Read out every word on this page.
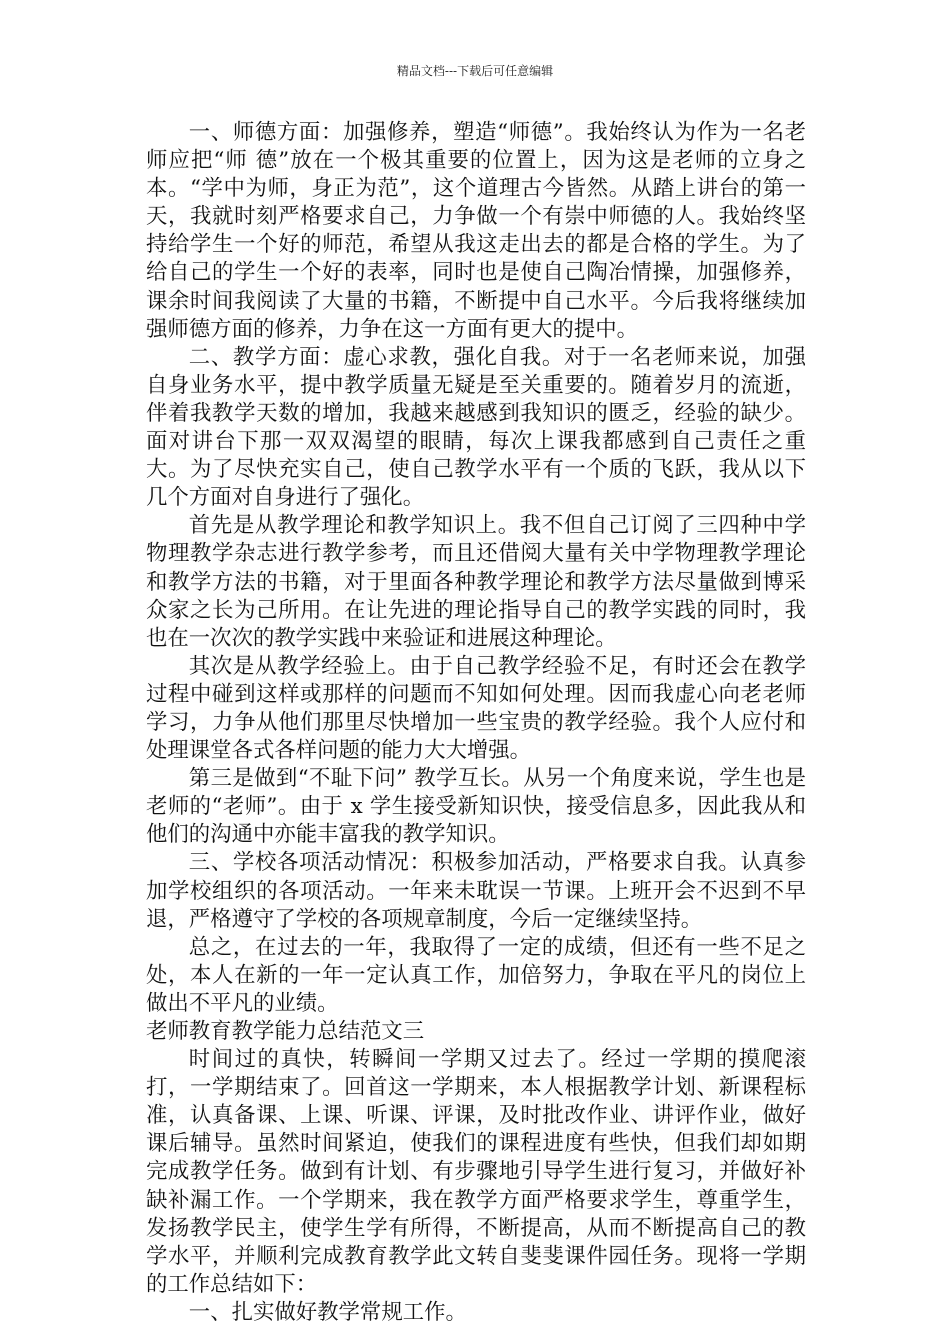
精品文档---下载后可任意编辑

一、师德方面：加强修养，塑造“师德”。我始终认为作为一名老师应把“师 德”放在一个极其重要的位置上，因为这是老师的立身之本。“学中为师，身正为范”，这个道理古今皆然。从踏上讲台的第一天，我就时刻严格要求自己，力争做一个有崇中师德的人。我始终坚持给学生一个好的师范，希望从我这走出去的都是合格的学生。为了给自己的学生一个好的表率，同时也是使自己陶冶情操，加强修养，课余时间我阅读了大量的书籍，不断提中自己水平。今后我将继续加强师德方面的修养，力争在这一方面有更大的提中。

二、教学方面：虚心求教，强化自我。对于一名老师来说，加强自身业务水平，提中教学质量无疑是至关重要的。随着岁月的流逝，伴着我教学天数的增加，我越来越感到我知识的匮乏，经验的缺少。面对讲台下那一双双渴望的眼睛，每次上课我都感到自己责任之重大。为了尽快充实自己，使自己教学水平有一个质的飞跃，我从以下几个方面对自身进行了强化。

首先是从教学理论和教学知识上。我不但自己订阅了三四种中学物理教学杂志进行教学参考，而且还借阅大量有关中学物理教学理论和教学方法的书籍，对于里面各种教学理论和教学方法尽量做到博采众家之长为己所用。在让先进的理论指导自己的教学实践的同时，我也在一次次的教学实践中来验证和进展这种理论。

其次是从教学经验上。由于自己教学经验不足，有时还会在教学过程中碰到这样或那样的问题而不知如何处理。因而我虚心向老老师学习，力争从他们那里尽快增加一些宝贵的教学经验。我个人应付和处理课堂各式各样问题的能力大大增强。

第三是做到“不耻下问” 教学互长。从另一个角度来说，学生也是老师的“老师”。由于 x 学生接受新知识快，接受信息多，因此我从和他们的沟通中亦能丰富我的教学知识。

三、学校各项活动情况：积极参加活动，严格要求自我。认真参加学校组织的各项活动。一年来未耽误一节课。上班开会不迟到不早退，严格遵守了学校的各项规章制度，今后一定继续坚持。

总之，在过去的一年，我取得了一定的成绩，但还有一些不足之处，本人在新的一年一定认真工作，加倍努力，争取在平凡的岗位上做出不平凡的业绩。

老师教育教学能力总结范文三

时间过的真快，转瞬间一学期又过去了。经过一学期的摸爬滚打，一学期结束了。回首这一学期来，本人根据教学计划、新课程标准，认真备课、上课、听课、评课，及时批改作业、讲评作业，做好课后辅导。虽然时间紧迫，使我们的课程进度有些快，但我们却如期完成教学任务。做到有计划、有步骤地引导学生进行复习，并做好补缺补漏工作。一个学期来，我在教学方面严格要求学生，尊重学生，发扬教学民主，使学生学有所得，不断提高，从而不断提高自己的教学水平，并顺利完成教育教学此文转自斐斐课件园任务。现将一学期的工作总结如下：

一、扎实做好教学常规工作。
